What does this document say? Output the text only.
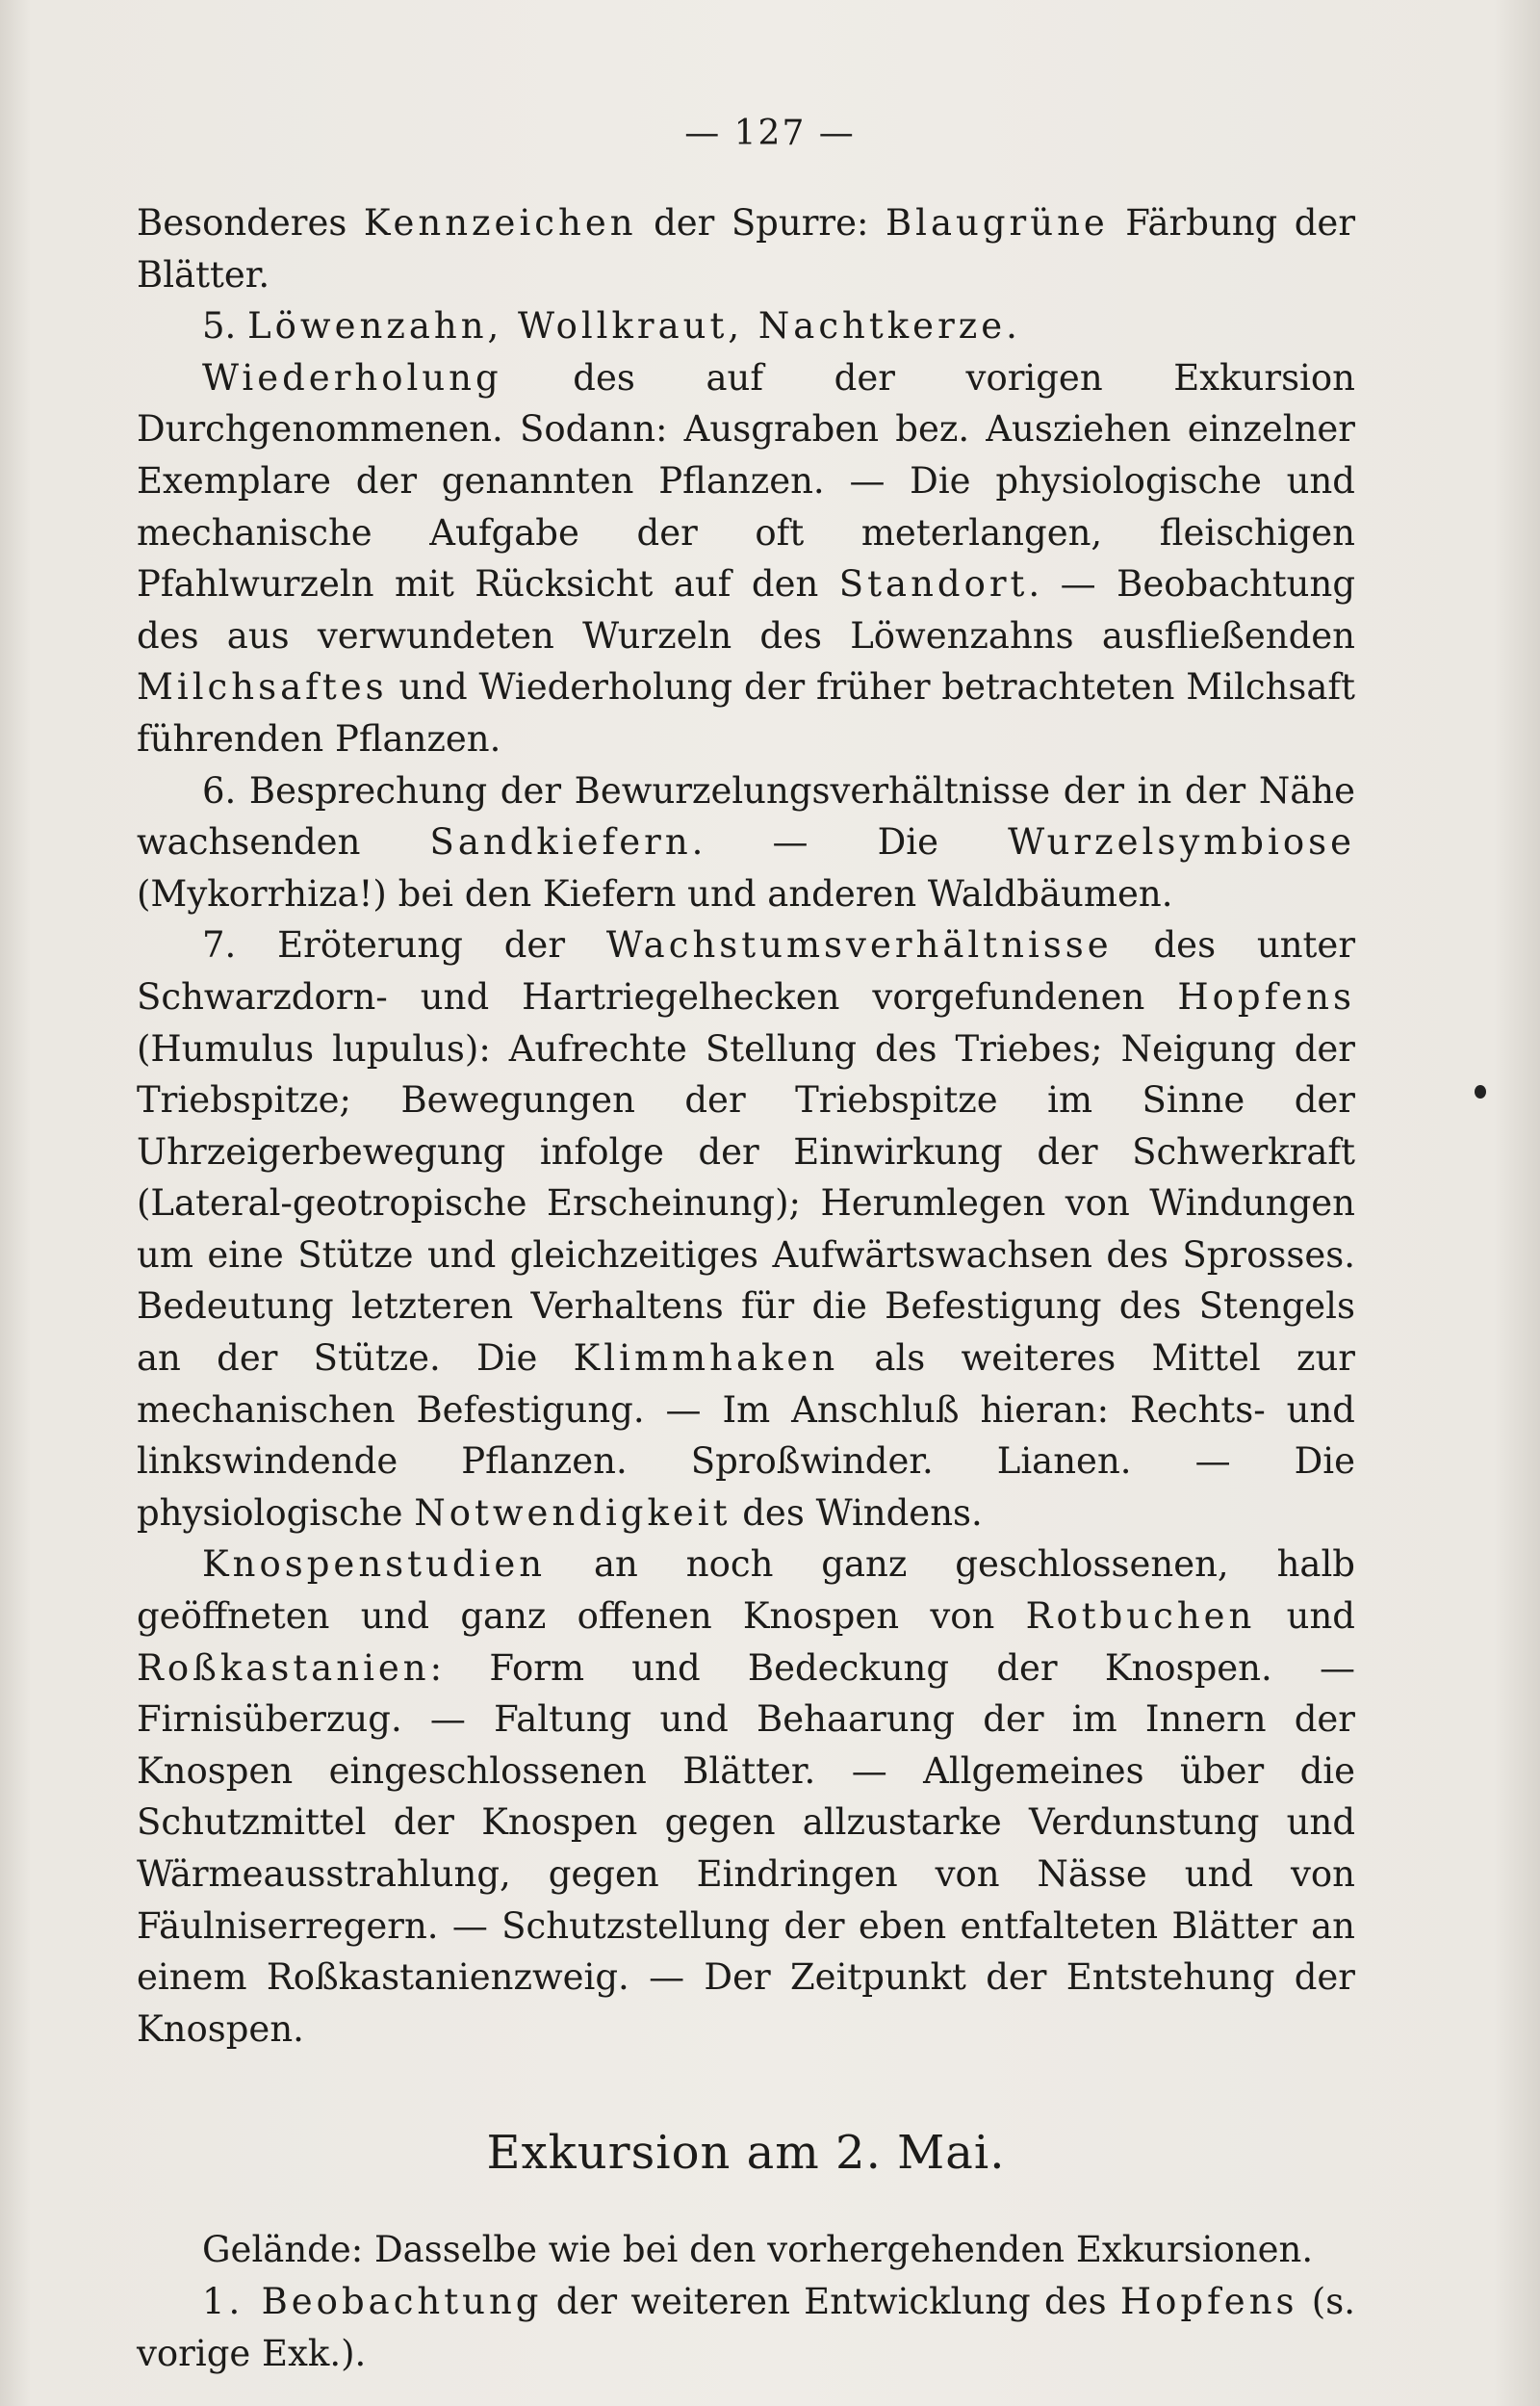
— 127 —

Besonderes Kennzeichen der Spurre: Blaugrüne Färbung der Blätter.

5. Löwenzahn, Wollkraut, Nachtkerze.

Wiederholung des auf der vorigen Exkursion Durchgenommenen. Sodann: Ausgraben bez. Ausziehen einzelner Exemplare der genannten Pflanzen. — Die physiologische und mechanische Aufgabe der oft meterlangen, fleischigen Pfahlwurzeln mit Rücksicht auf den Standort. — Beobachtung des aus verwundeten Wurzeln des Löwenzahns ausfließenden Milchsaftes und Wiederholung der früher betrachteten Milchsaft führenden Pflanzen.

6. Besprechung der Bewurzelungsverhältnisse der in der Nähe wachsenden Sandkiefern. — Die Wurzelsymbiose (Mykorrhiza!) bei den Kiefern und anderen Waldbäumen.

7. Eröterung der Wachstumsverhältnisse des unter Schwarzdorn- und Hartriegelhecken vorgefundenen Hopfens (Humulus lupulus): Aufrechte Stellung des Triebes; Neigung der Triebspitze; Bewegungen der Triebspitze im Sinne der Uhrzeigerbewegung infolge der Einwirkung der Schwerkraft (Lateral-geotropische Erscheinung); Herumlegen von Windungen um eine Stütze und gleichzeitiges Aufwärtswachsen des Sprosses. Bedeutung letzteren Verhaltens für die Befestigung des Stengels an der Stütze. Die Klimmhaken als weiteres Mittel zur mechanischen Befestigung. — Im Anschluß hieran: Rechts- und linkswindende Pflanzen. Sproßwinder. Lianen. — Die physiologische Notwendigkeit des Windens.

Knospenstudien an noch ganz geschlossenen, halb geöffneten und ganz offenen Knospen von Rotbuchen und Roßkastanien: Form und Bedeckung der Knospen. — Firnisüberzug. — Faltung und Behaarung der im Innern der Knospen eingeschlossenen Blätter. — Allgemeines über die Schutzmittel der Knospen gegen allzustarke Verdunstung und Wärmeausstrahlung, gegen Eindringen von Nässe und von Fäulniserregern. — Schutzstellung der eben entfalteten Blätter an einem Roßkastanienzweig. — Der Zeitpunkt der Entstehung der Knospen.

Exkursion am 2. Mai.

Gelände: Dasselbe wie bei den vorhergehenden Exkursionen.

1. Beobachtung der weiteren Entwicklung des Hopfens (s. vorige Exk.).
